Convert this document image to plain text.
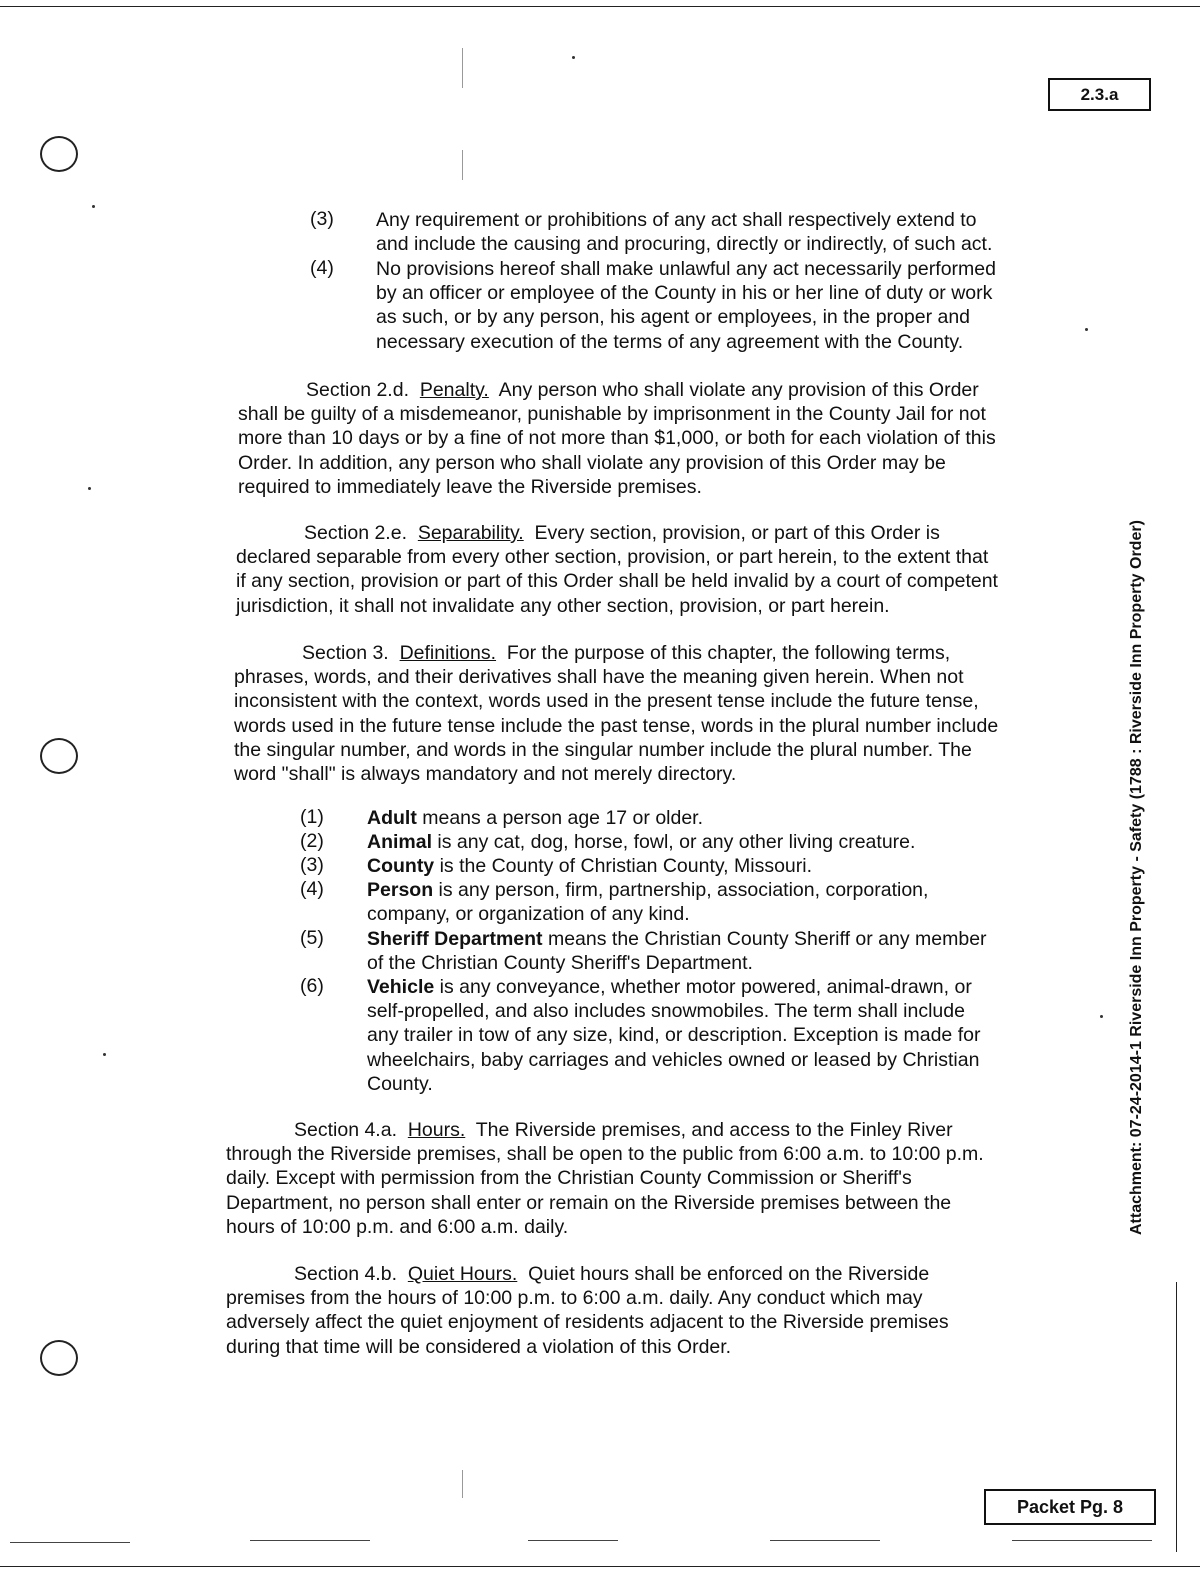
2.3.a
Packet Pg. 8
Attachment: 07-24-2014-1 Riverside Inn Property - Safety (1788 : Riverside Inn Property Order)
(3) Any requirement or prohibitions of any act shall respectively extend to
and include the causing and procuring, directly or indirectly, of such act.
(4) No provisions hereof shall make unlawful any act necessarily performed
by an officer or employee of the County in his or her line of duty or work
as such, or by any person, his agent or employees, in the proper and
necessary execution of the terms of any agreement with the County.
Section 2.d. Penalty. Any person who shall violate any provision of this Order
shall be guilty of a misdemeanor, punishable by imprisonment in the County Jail for not
more than 10 days or by a fine of not more than $1,000, or both for each violation of this
Order. In addition, any person who shall violate any provision of this Order may be
required to immediately leave the Riverside premises.
Section 2.e. Separability. Every section, provision, or part of this Order is
declared separable from every other section, provision, or part herein, to the extent that
if any section, provision or part of this Order shall be held invalid by a court of competent
jurisdiction, it shall not invalidate any other section, provision, or part herein.
Section 3. Definitions. For the purpose of this chapter, the following terms,
phrases, words, and their derivatives shall have the meaning given herein. When not
inconsistent with the context, words used in the present tense include the future tense,
words used in the future tense include the past tense, words in the plural number include
the singular number, and words in the singular number include the plural number. The
word "shall" is always mandatory and not merely directory.
(1) Adult means a person age 17 or older.
(2) Animal is any cat, dog, horse, fowl, or any other living creature.
(3) County is the County of Christian County, Missouri.
(4) Person is any person, firm, partnership, association, corporation,
company, or organization of any kind.
(5) Sheriff Department means the Christian County Sheriff or any member
of the Christian County Sheriff's Department.
(6) Vehicle is any conveyance, whether motor powered, animal-drawn, or
self-propelled, and also includes snowmobiles. The term shall include
any trailer in tow of any size, kind, or description. Exception is made for
wheelchairs, baby carriages and vehicles owned or leased by Christian
County.
Section 4.a. Hours. The Riverside premises, and access to the Finley River
through the Riverside premises, shall be open to the public from 6:00 a.m. to 10:00 p.m.
daily. Except with permission from the Christian County Commission or Sheriff's
Department, no person shall enter or remain on the Riverside premises between the
hours of 10:00 p.m. and 6:00 a.m. daily.
Section 4.b. Quiet Hours. Quiet hours shall be enforced on the Riverside
premises from the hours of 10:00 p.m. to 6:00 a.m. daily. Any conduct which may
adversely affect the quiet enjoyment of residents adjacent to the Riverside premises
during that time will be considered a violation of this Order.
